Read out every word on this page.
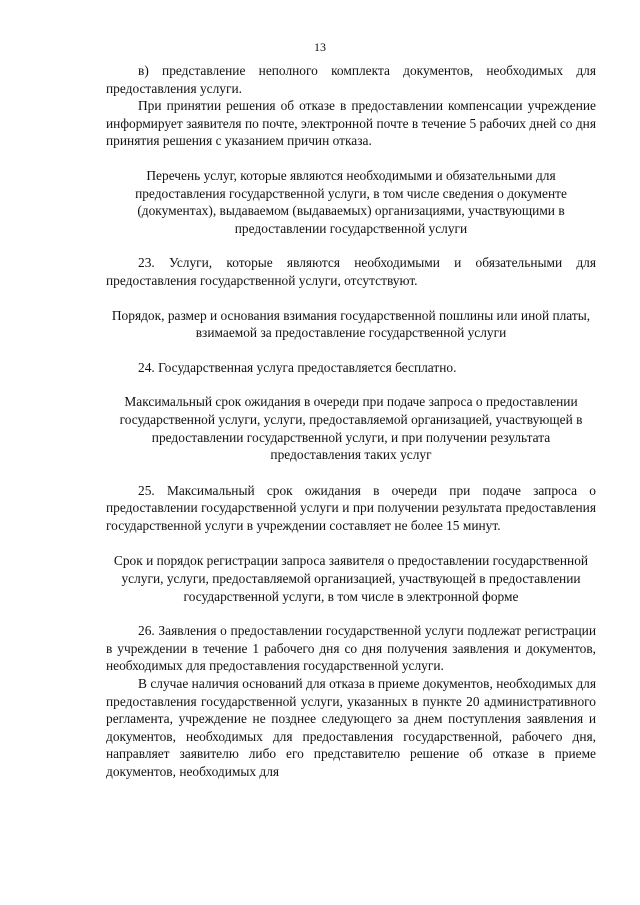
13

в) представление неполного комплекта документов, необходимых для предоставления услуги.

При принятии решения об отказе в предоставлении компенсации учреждение информирует заявителя по почте, электронной почте в течение 5 рабочих дней со дня принятия решения с указанием причин отказа.

Перечень услуг, которые являются необходимыми и обязательными для предоставления государственной услуги, в том числе сведения о документе (документах), выдаваемом (выдаваемых) организациями, участвующими в предоставлении государственной услуги

23. Услуги, которые являются необходимыми и обязательными для предоставления государственной услуги, отсутствуют.

Порядок, размер и основания взимания государственной пошлины или иной платы, взимаемой за предоставление государственной услуги

24. Государственная услуга предоставляется бесплатно.

Максимальный срок ожидания в очереди при подаче запроса о предоставлении государственной услуги, услуги, предоставляемой организацией, участвующей в предоставлении государственной услуги, и при получении результата предоставления таких услуг

25. Максимальный срок ожидания в очереди при подаче запроса о предоставлении государственной услуги и при получении результата предоставления государственной услуги в учреждении составляет не более 15 минут.

Срок и порядок регистрации запроса заявителя о предоставлении государственной услуги, услуги, предоставляемой организацией, участвующей в предоставлении государственной услуги, в том числе в электронной форме

26. Заявления о предоставлении государственной услуги подлежат регистрации в учреждении в течение 1 рабочего дня со дня получения заявления и документов, необходимых для предоставления государственной услуги.

В случае наличия оснований для отказа в приеме документов, необходимых для предоставления государственной услуги, указанных в пункте 20 административного регламента, учреждение не позднее следующего за днем поступления заявления и документов, необходимых для предоставления государственной, рабочего дня, направляет заявителю либо его представителю решение об отказе в приеме документов, необходимых для
